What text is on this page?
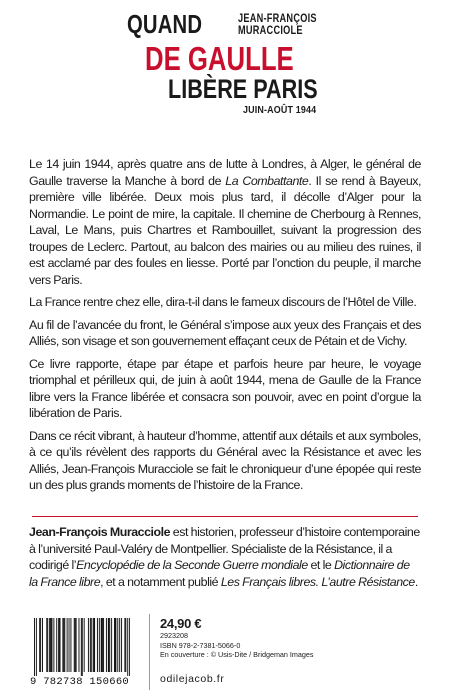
QUAND	JEAN-FRANÇOIS
MURACCIOLE
DE GAULLE
LIBÈRE PARIS
JUIN-AOÛT 1944

Le 14 juin 1944, après quatre ans de lutte à Londres, à Alger, le général de Gaulle traverse la Manche à bord de La Combattante. Il se rend à Bayeux, première ville libérée. Deux mois plus tard, il décolle d’Alger pour la Normandie. Le point de mire, la capitale. Il chemine de Cherbourg à Rennes, Laval, Le Mans, puis Chartres et Rambouillet, suivant la progression des troupes de Leclerc. Partout, au balcon des mairies ou au milieu des ruines, il est acclamé par des foules en liesse. Porté par l’onction du peuple, il marche vers Paris.

La France rentre chez elle, dira-t-il dans le fameux discours de l’Hôtel de Ville.

Au fil de l’avancée du front, le Général s’impose aux yeux des Français et des Alliés, son visage et son gouvernement effaçant ceux de Pétain et de Vichy.

Ce livre rapporte, étape par étape et parfois heure par heure, le voyage triomphal et périlleux qui, de juin à août 1944, mena de Gaulle de la France libre vers la France libérée et consacra son pouvoir, avec en point d’orgue la libération de Paris.

Dans ce récit vibrant, à hauteur d’homme, attentif aux détails et aux symboles, à ce qu’ils révèlent des rapports du Général avec la Résistance et avec les Alliés, Jean-François Muracciole se fait le chroniqueur d’une épopée qui reste un des plus grands moments de l’histoire de la France.

Jean-François Muracciole est historien, professeur d’histoire contemporaine à l’université Paul-Valéry de Montpellier. Spécialiste de la Résistance, il a codirigé l’Encyclopédie de la Seconde Guerre mondiale et le Dictionnaire de la France libre, et a notamment publié Les Français libres. L’autre Résistance.
9 782738 150660
24,90 €
2923208
ISBN 978-2-7381-5066-0
En couverture : © Usis-Dite / Bridgeman Images
odilejacob.fr
